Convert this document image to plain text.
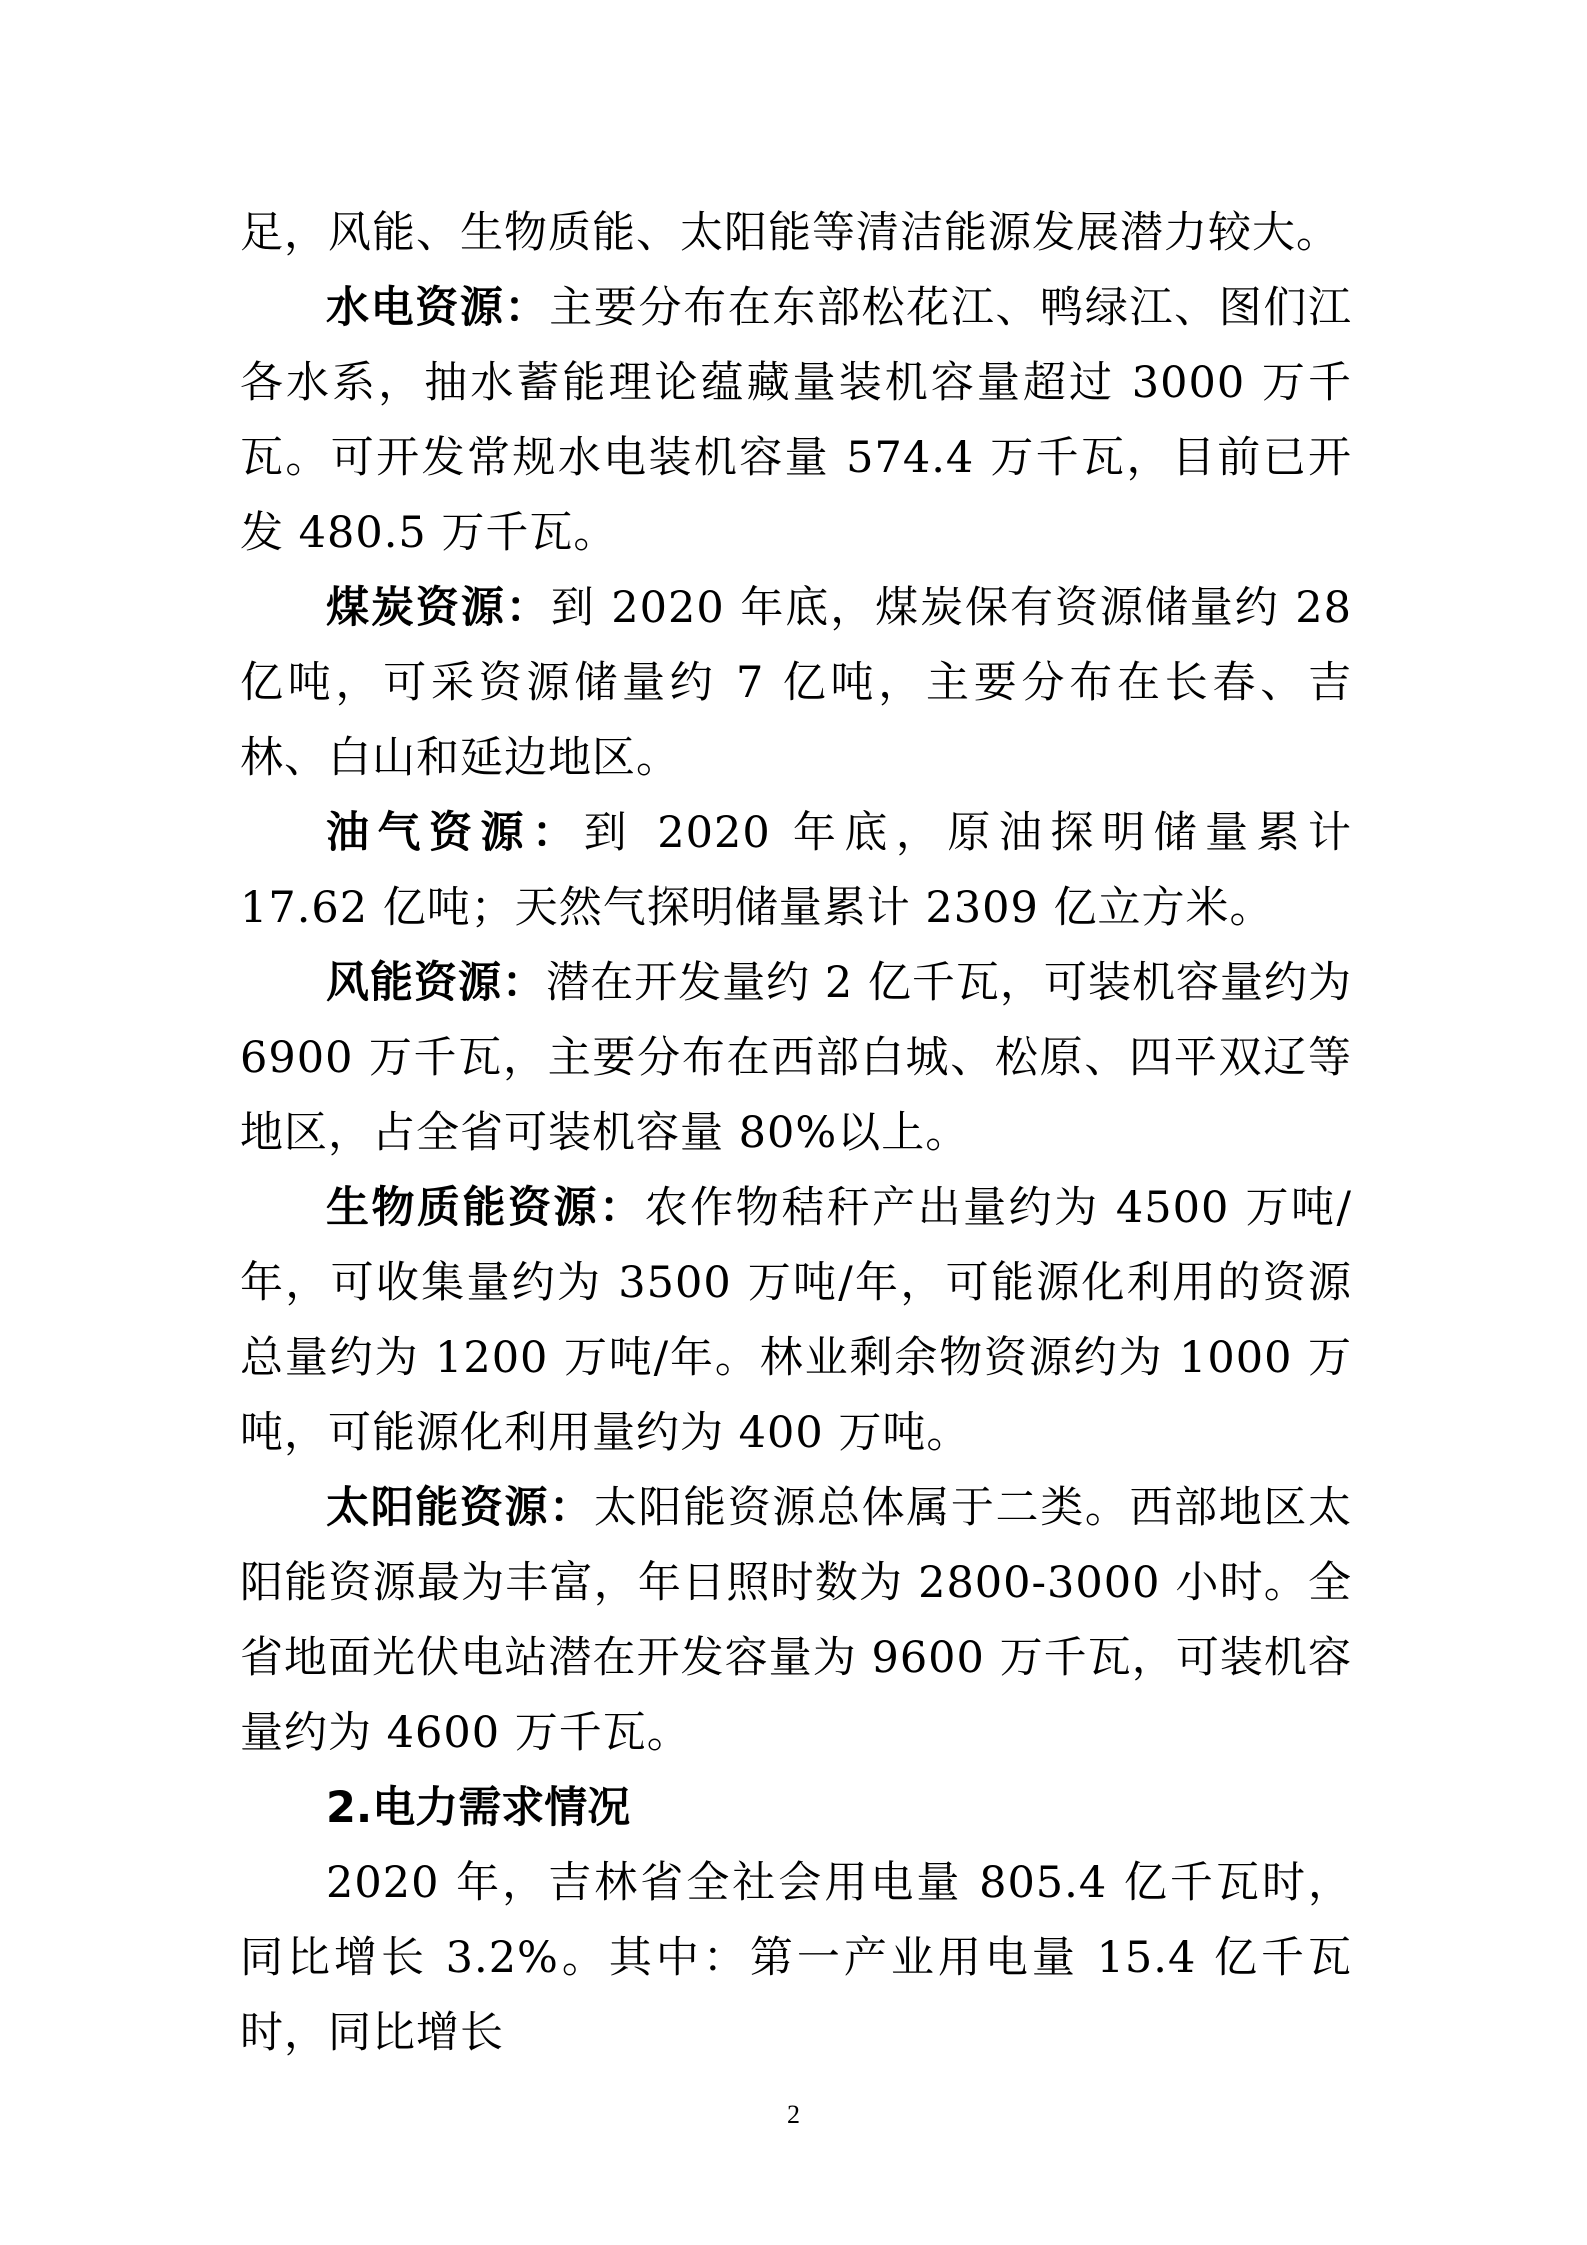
足，风能、生物质能、太阳能等清洁能源发展潜力较大。

水电资源：主要分布在东部松花江、鸭绿江、图们江各水系，抽水蓄能理论蕴藏量装机容量超过 3000 万千瓦。可开发常规水电装机容量 574.4 万千瓦，目前已开发 480.5 万千瓦。

煤炭资源：到 2020 年底，煤炭保有资源储量约 28 亿吨，可采资源储量约 7 亿吨，主要分布在长春、吉林、白山和延边地区。

油气资源：到 2020 年底，原油探明储量累计 17.62 亿吨；天然气探明储量累计 2309 亿立方米。

风能资源：潜在开发量约 2 亿千瓦，可装机容量约为 6900 万千瓦，主要分布在西部白城、松原、四平双辽等地区，占全省可装机容量 80%以上。

生物质能资源：农作物秸秆产出量约为 4500 万吨/年，可收集量约为 3500 万吨/年，可能源化利用的资源总量约为 1200 万吨/年。林业剩余物资源约为 1000 万吨，可能源化利用量约为 400 万吨。

太阳能资源：太阳能资源总体属于二类。西部地区太阳能资源最为丰富，年日照时数为 2800-3000 小时。全省地面光伏电站潜在开发容量为 9600 万千瓦，可装机容量约为 4600 万千瓦。

2.电力需求情况

2020 年，吉林省全社会用电量 805.4 亿千瓦时，同比增长 3.2%。其中：第一产业用电量 15.4 亿千瓦时，同比增长

2
